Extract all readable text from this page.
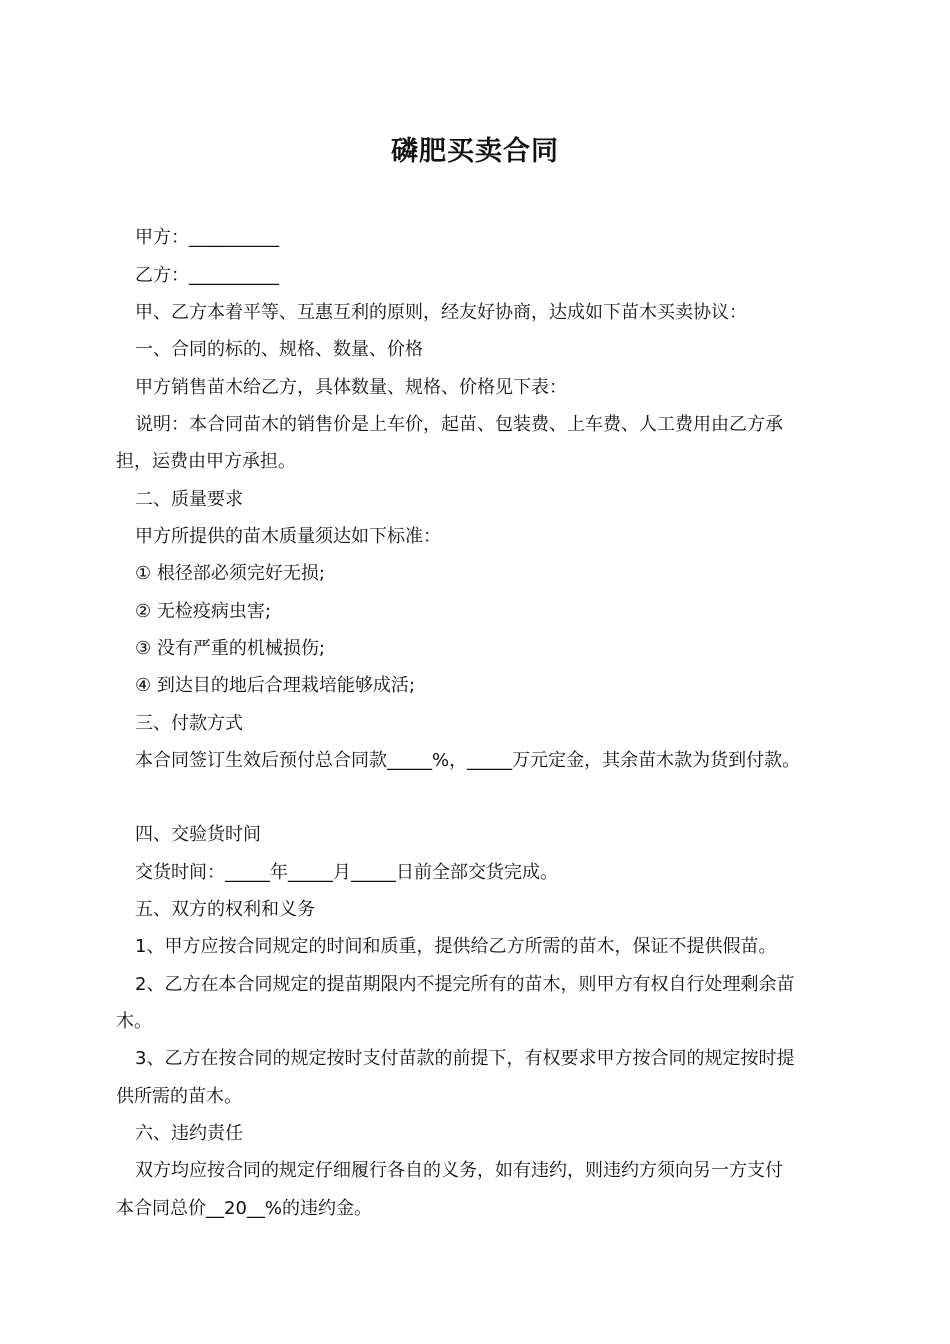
磷肥买卖合同
甲方：__________
乙方：__________
甲、乙方本着平等、互惠互利的原则，经友好协商，达成如下苗木买卖协议：
一、合同的标的、规格、数量、价格
甲方销售苗木给乙方，具体数量、规格、价格见下表：
说明：本合同苗木的销售价是上车价，起苗、包装费、上车费、人工费用由乙方承
担，运费由甲方承担。
二、质量要求
甲方所提供的苗木质量须达如下标准：
① 根径部必须完好无损;
② 无检疫病虫害;
③ 没有严重的机械损伤;
④ 到达目的地后合理栽培能够成活;
三、付款方式
本合同签订生效后预付总合同款_____%，_____万元定金，其余苗木款为货到付款。
四、交验货时间
交货时间：_____年_____月_____日前全部交货完成。
五、双方的权利和义务
1、甲方应按合同规定的时间和质重，提供给乙方所需的苗木，保证不提供假苗。
2、乙方在本合同规定的提苗期限内不提完所有的苗木，则甲方有权自行处理剩余苗
木。
3、乙方在按合同的规定按时支付苗款的前提下，有权要求甲方按合同的规定按时提
供所需的苗木。
六、违约责任
双方均应按合同的规定仔细履行各自的义务，如有违约，则违约方须向另一方支付
本合同总价__20__%的违约金。
